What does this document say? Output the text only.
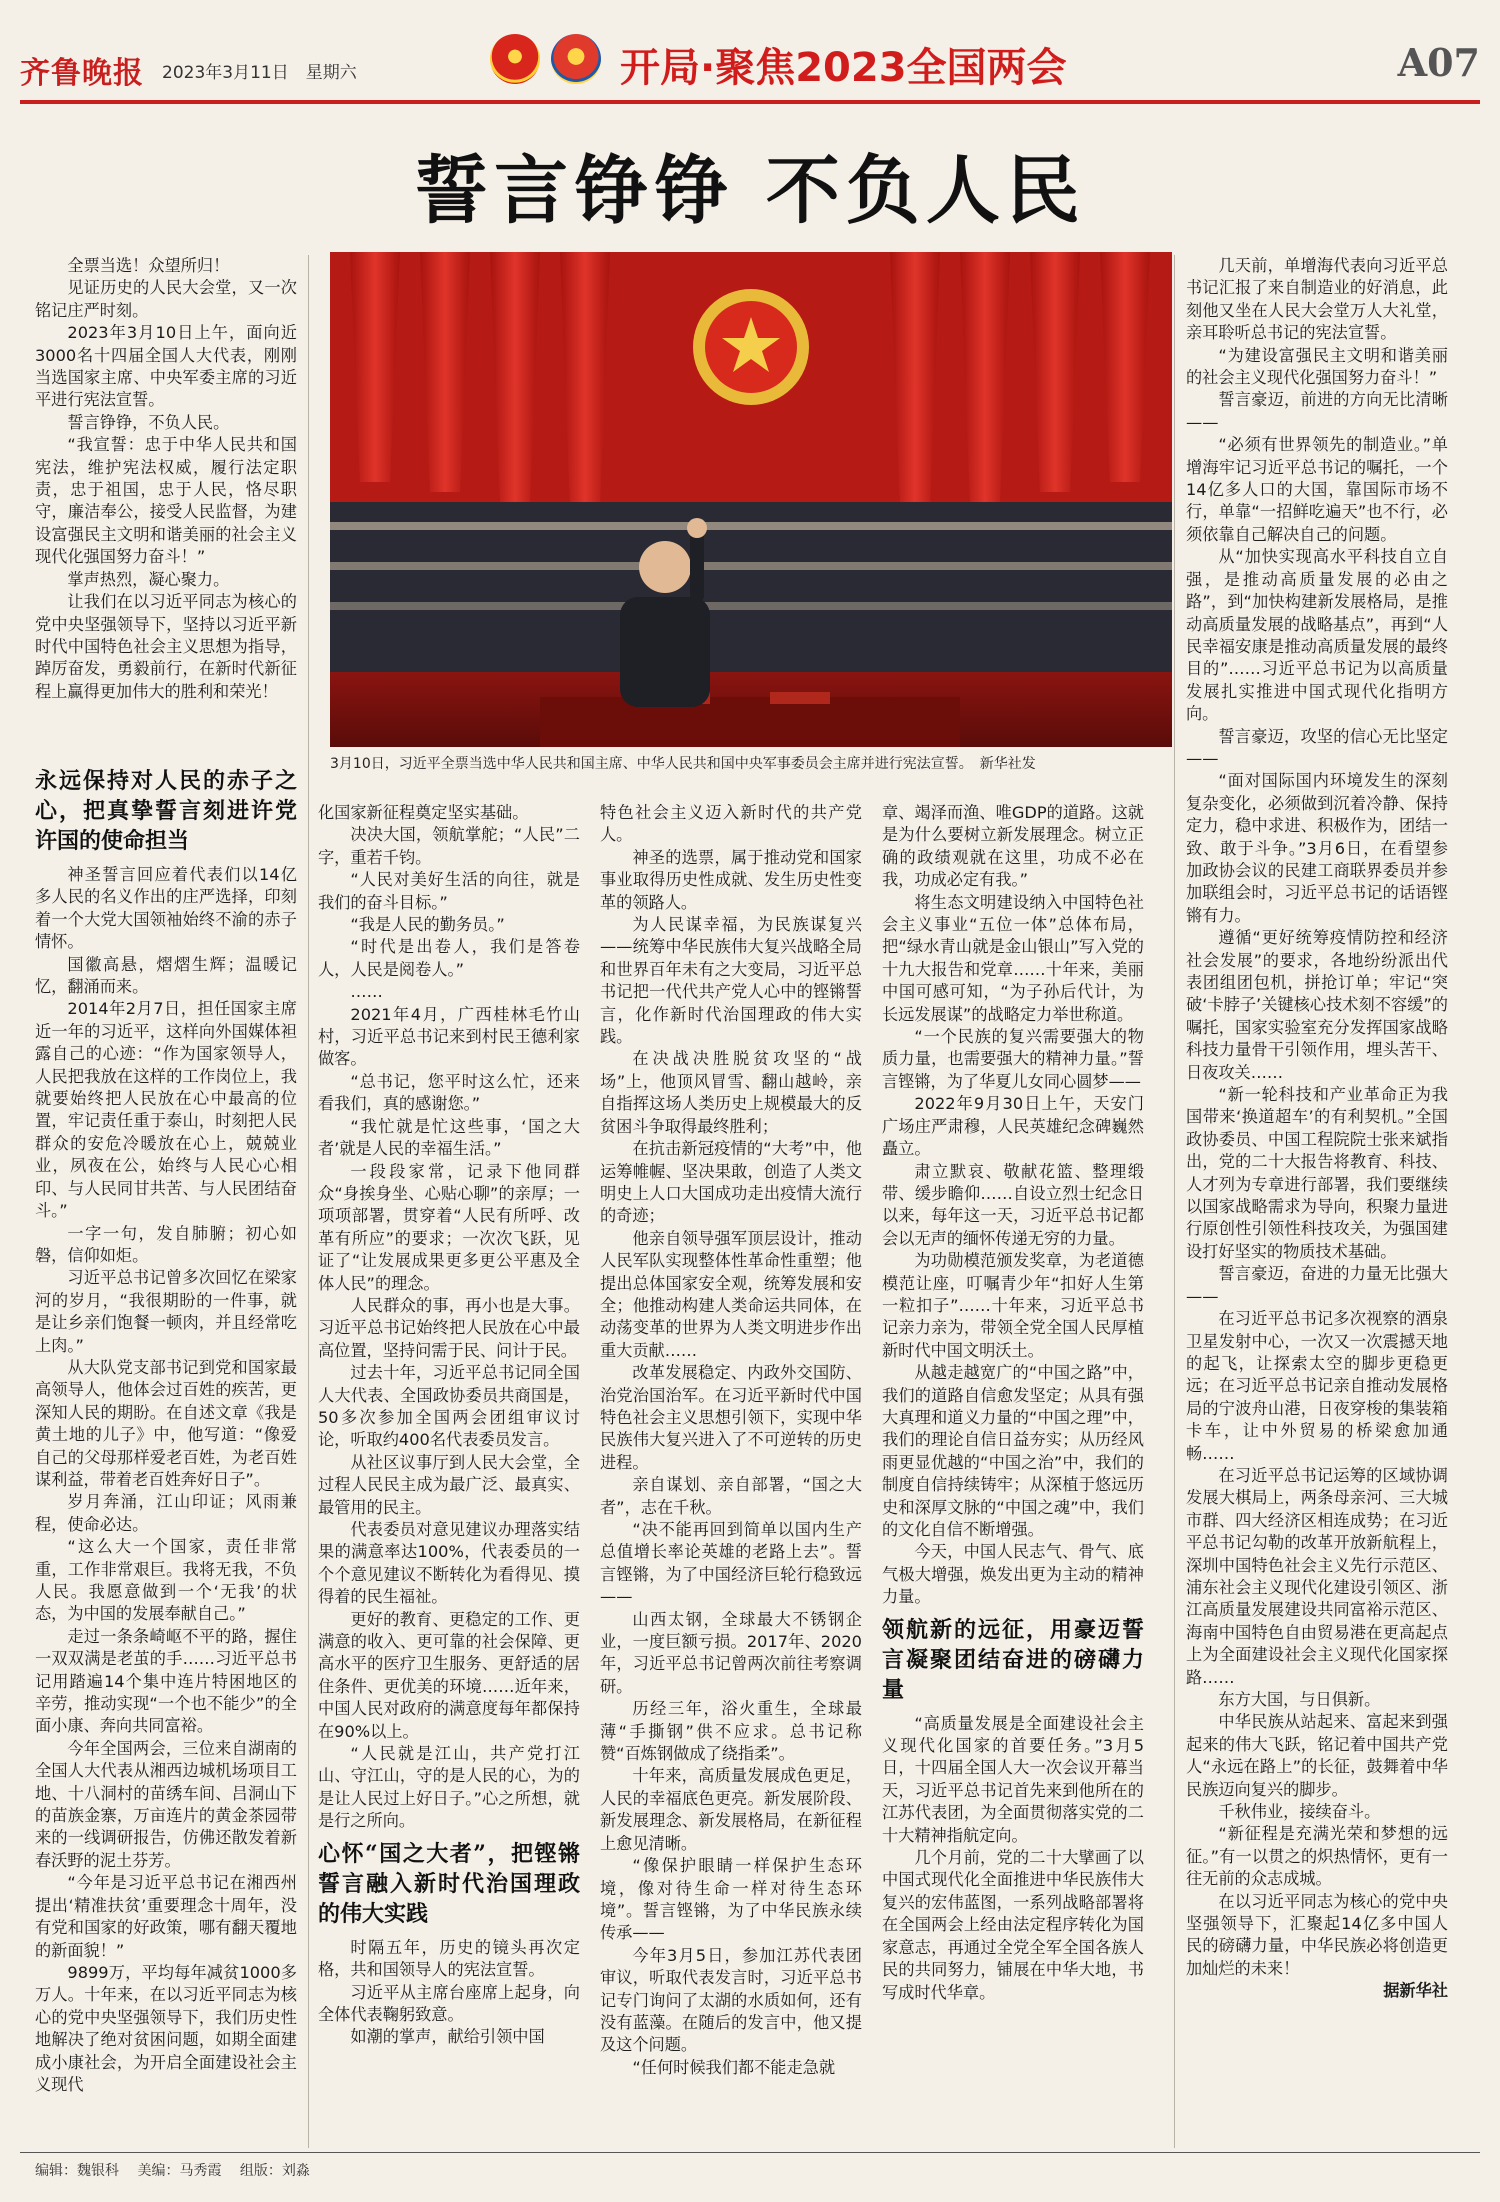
齐鲁晚报 2023年3月11日　星期六
	开局·聚焦2023全国两会	A07
誓言铮铮 不负人民
3月10日，习近平全票当选中华人民共和国主席、中华人民共和国中央军事委员会主席并进行宪法宣誓。　新华社发

全票当选！众望所归！

见证历史的人民大会堂，又一次铭记庄严时刻。

2023年3月10日上午，面向近3000名十四届全国人大代表，刚刚当选国家主席、中央军委主席的习近平进行宪法宣誓。

誓言铮铮，不负人民。

“我宣誓：忠于中华人民共和国宪法，维护宪法权威，履行法定职责，忠于祖国，忠于人民，恪尽职守，廉洁奉公，接受人民监督，为建设富强民主文明和谐美丽的社会主义现代化强国努力奋斗！”

掌声热烈，凝心聚力。

让我们在以习近平同志为核心的党中央坚强领导下，坚持以习近平新时代中国特色社会主义思想为指导，踔厉奋发，勇毅前行，在新时代新征程上赢得更加伟大的胜利和荣光！

永远保持对人民的赤子之心，把真挚誓言刻进许党许国的使命担当

神圣誓言回应着代表们以14亿多人民的名义作出的庄严选择，印刻着一个大党大国领袖始终不渝的赤子情怀。

国徽高悬，熠熠生辉；温暖记忆，翻涌而来。

2014年2月7日，担任国家主席近一年的习近平，这样向外国媒体袒露自己的心迹：“作为国家领导人，人民把我放在这样的工作岗位上，我就要始终把人民放在心中最高的位置，牢记责任重于泰山，时刻把人民群众的安危冷暖放在心上，兢兢业业，夙夜在公，始终与人民心心相印、与人民同甘共苦、与人民团结奋斗。”

一字一句，发自肺腑；初心如磐，信仰如炬。

习近平总书记曾多次回忆在梁家河的岁月，“我很期盼的一件事，就是让乡亲们饱餐一顿肉，并且经常吃上肉。”

从大队党支部书记到党和国家最高领导人，他体会过百姓的疾苦，更深知人民的期盼。在自述文章《我是黄土地的儿子》中，他写道：“像爱自己的父母那样爱老百姓，为老百姓谋利益，带着老百姓奔好日子”。

岁月奔涌，江山印证；风雨兼程，使命必达。

“这么大一个国家，责任非常重，工作非常艰巨。我将无我，不负人民。我愿意做到一个‘无我’的状态，为中国的发展奉献自己。”

走过一条条崎岖不平的路，握住一双双满是老茧的手……习近平总书记用踏遍14个集中连片特困地区的辛劳，推动实现“一个也不能少”的全面小康、奔向共同富裕。

今年全国两会，三位来自湖南的全国人大代表从湘西边城机场项目工地、十八洞村的苗绣车间、吕洞山下的苗族金寨，万亩连片的黄金茶园带来的一线调研报告，仿佛还散发着新春沃野的泥土芬芳。

“今年是习近平总书记在湘西州提出‘精准扶贫’重要理念十周年，没有党和国家的好政策，哪有翻天覆地的新面貌！”

9899万，平均每年减贫1000多万人。十年来，在以习近平同志为核心的党中央坚强领导下，我们历史性地解决了绝对贫困问题，如期全面建成小康社会，为开启全面建设社会主义现代

化国家新征程奠定坚实基础。

决决大国，领航掌舵；“人民”二字，重若千钧。

“人民对美好生活的向往，就是我们的奋斗目标。”

“我是人民的勤务员。”

“时代是出卷人，我们是答卷人，人民是阅卷人。”

……

2021年4月，广西桂林毛竹山村，习近平总书记来到村民王德利家做客。

“总书记，您平时这么忙，还来看我们，真的感谢您。”

“我忙就是忙这些事，‘国之大者’就是人民的幸福生活。”

一段段家常，记录下他同群众“身挨身坐、心贴心聊”的亲厚；一项项部署，贯穿着“人民有所呼、改革有所应”的要求；一次次飞跃，见证了“让发展成果更多更公平惠及全体人民”的理念。

人民群众的事，再小也是大事。习近平总书记始终把人民放在心中最高位置，坚持问需于民、问计于民。

过去十年，习近平总书记同全国人大代表、全国政协委员共商国是，50多次参加全国两会团组审议讨论，听取约400名代表委员发言。

从社区议事厅到人民大会堂，全过程人民民主成为最广泛、最真实、最管用的民主。

代表委员对意见建议办理落实结果的满意率达100%，代表委员的一个个意见建议不断转化为看得见、摸得着的民生福祉。

更好的教育、更稳定的工作、更满意的收入、更可靠的社会保障、更高水平的医疗卫生服务、更舒适的居住条件、更优美的环境……近年来，中国人民对政府的满意度每年都保持在90%以上。

“人民就是江山，共产党打江山、守江山，守的是人民的心，为的是让人民过上好日子。”心之所想，就是行之所向。

心怀“国之大者”，把铿锵誓言融入新时代治国理政的伟大实践

时隔五年，历史的镜头再次定格，共和国领导人的宪法宣誓。

习近平从主席台座席上起身，向全体代表鞠躬致意。

如潮的掌声，献给引领中国

特色社会主义迈入新时代的共产党人。

神圣的选票，属于推动党和国家事业取得历史性成就、发生历史性变革的领路人。

为人民谋幸福，为民族谋复兴——统筹中华民族伟大复兴战略全局和世界百年未有之大变局，习近平总书记把一代代共产党人心中的铿锵誓言，化作新时代治国理政的伟大实践。

在决战决胜脱贫攻坚的“战场”上，他顶风冒雪、翻山越岭，亲自指挥这场人类历史上规模最大的反贫困斗争取得最终胜利；

在抗击新冠疫情的“大考”中，他运筹帷幄、坚决果敢，创造了人类文明史上人口大国成功走出疫情大流行的奇迹；

他亲自领导强军顶层设计，推动人民军队实现整体性革命性重塑；他提出总体国家安全观，统筹发展和安全；他推动构建人类命运共同体，在动荡变革的世界为人类文明进步作出重大贡献……

改革发展稳定、内政外交国防、治党治国治军。在习近平新时代中国特色社会主义思想引领下，实现中华民族伟大复兴进入了不可逆转的历史进程。

亲自谋划、亲自部署，“国之大者”，志在千秋。

“决不能再回到简单以国内生产总值增长率论英雄的老路上去”。誓言铿锵，为了中国经济巨轮行稳致远——

山西太钢，全球最大不锈钢企业，一度巨额亏损。2017年、2020年，习近平总书记曾两次前往考察调研。

历经三年，浴火重生，全球最薄“手撕钢”供不应求。总书记称赞“百炼钢做成了绕指柔”。

十年来，高质量发展成色更足，人民的幸福底色更亮。新发展阶段、新发展理念、新发展格局，在新征程上愈见清晰。

“像保护眼睛一样保护生态环境，像对待生命一样对待生态环境”。誓言铿锵，为了中华民族永续传承——

今年3月5日，参加江苏代表团审议，听取代表发言时，习近平总书记专门询问了太湖的水质如何，还有没有蓝藻。在随后的发言中，他又提及这个问题。

“任何时候我们都不能走急就

章、竭泽而渔、唯GDP的道路。这就是为什么要树立新发展理念。树立正确的政绩观就在这里，功成不必在我，功成必定有我。”

将生态文明建设纳入中国特色社会主义事业“五位一体”总体布局，把“绿水青山就是金山银山”写入党的十九大报告和党章……十年来，美丽中国可感可知，“为子孙后代计，为长远发展谋”的战略定力举世称道。

“一个民族的复兴需要强大的物质力量，也需要强大的精神力量。”誓言铿锵，为了华夏儿女同心圆梦——

2022年9月30日上午，天安门广场庄严肃穆，人民英雄纪念碑巍然矗立。

肃立默哀、敬献花篮、整理缎带、缓步瞻仰……自设立烈士纪念日以来，每年这一天，习近平总书记都会以无声的缅怀传递无穷的力量。

为功勋模范颁发奖章，为老道德模范让座，叮嘱青少年“扣好人生第一粒扣子”……十年来，习近平总书记亲力亲为，带领全党全国人民厚植新时代中国文明沃土。

从越走越宽广的“中国之路”中，我们的道路自信愈发坚定；从具有强大真理和道义力量的“中国之理”中，我们的理论自信日益夯实；从历经风雨更显优越的“中国之治”中，我们的制度自信持续铸牢；从深植于悠远历史和深厚文脉的“中国之魂”中，我们的文化自信不断增强。

今天，中国人民志气、骨气、底气极大增强，焕发出更为主动的精神力量。

领航新的远征，用豪迈誓言凝聚团结奋进的磅礴力量

“高质量发展是全面建设社会主义现代化国家的首要任务。”3月5日，十四届全国人大一次会议开幕当天，习近平总书记首先来到他所在的江苏代表团，为全面贯彻落实党的二十大精神指航定向。

几个月前，党的二十大擘画了以中国式现代化全面推进中华民族伟大复兴的宏伟蓝图，一系列战略部署将在全国两会上经由法定程序转化为国家意志，再通过全党全军全国各族人民的共同努力，铺展在中华大地，书写成时代华章。

几天前，单增海代表向习近平总书记汇报了来自制造业的好消息，此刻他又坐在人民大会堂万人大礼堂，亲耳聆听总书记的宪法宣誓。

“为建设富强民主文明和谐美丽的社会主义现代化强国努力奋斗！”

誓言豪迈，前进的方向无比清晰——

“必须有世界领先的制造业。”单增海牢记习近平总书记的嘱托，一个14亿多人口的大国，靠国际市场不行，单靠“一招鲜吃遍天”也不行，必须依靠自己解决自己的问题。

从“加快实现高水平科技自立自强，是推动高质量发展的必由之路”，到“加快构建新发展格局，是推动高质量发展的战略基点”，再到“人民幸福安康是推动高质量发展的最终目的”……习近平总书记为以高质量发展扎实推进中国式现代化指明方向。

誓言豪迈，攻坚的信心无比坚定——

“面对国际国内环境发生的深刻复杂变化，必须做到沉着冷静、保持定力，稳中求进、积极作为，团结一致、敢于斗争。”3月6日，在看望参加政协会议的民建工商联界委员并参加联组会时，习近平总书记的话语铿锵有力。

遵循“更好统筹疫情防控和经济社会发展”的要求，各地纷纷派出代表团组团包机，拼抢订单；牢记“突破‘卡脖子’关键核心技术刻不容缓”的嘱托，国家实验室充分发挥国家战略科技力量骨干引领作用，埋头苦干、日夜攻关……

“新一轮科技和产业革命正为我国带来‘换道超车’的有利契机。”全国政协委员、中国工程院院士张来斌指出，党的二十大报告将教育、科技、人才列为专章进行部署，我们要继续以国家战略需求为导向，积聚力量进行原创性引领性科技攻关，为强国建设打好坚实的物质技术基础。

誓言豪迈，奋进的力量无比强大——

在习近平总书记多次视察的酒泉卫星发射中心，一次又一次震撼天地的起飞，让探索太空的脚步更稳更远；在习近平总书记亲自推动发展格局的宁波舟山港，日夜穿梭的集装箱卡车，让中外贸易的桥梁愈加通畅……

在习近平总书记运筹的区域协调发展大棋局上，两条母亲河、三大城市群、四大经济区相连成势；在习近平总书记勾勒的改革开放新航程上，深圳中国特色社会主义先行示范区、浦东社会主义现代化建设引领区、浙江高质量发展建设共同富裕示范区、海南中国特色自由贸易港在更高起点上为全面建设社会主义现代化国家探路……

东方大国，与日俱新。

中华民族从站起来、富起来到强起来的伟大飞跃，铭记着中国共产党人“永远在路上”的长征，鼓舞着中华民族迈向复兴的脚步。

千秋伟业，接续奋斗。

“新征程是充满光荣和梦想的远征。”有一以贯之的炽热情怀，更有一往无前的众志成城。

在以习近平同志为核心的党中央坚强领导下，汇聚起14亿多中国人民的磅礴力量，中华民族必将创造更加灿烂的未来！

据新华社

编辑：魏银科 美编：马秀霞 组版：刘淼
